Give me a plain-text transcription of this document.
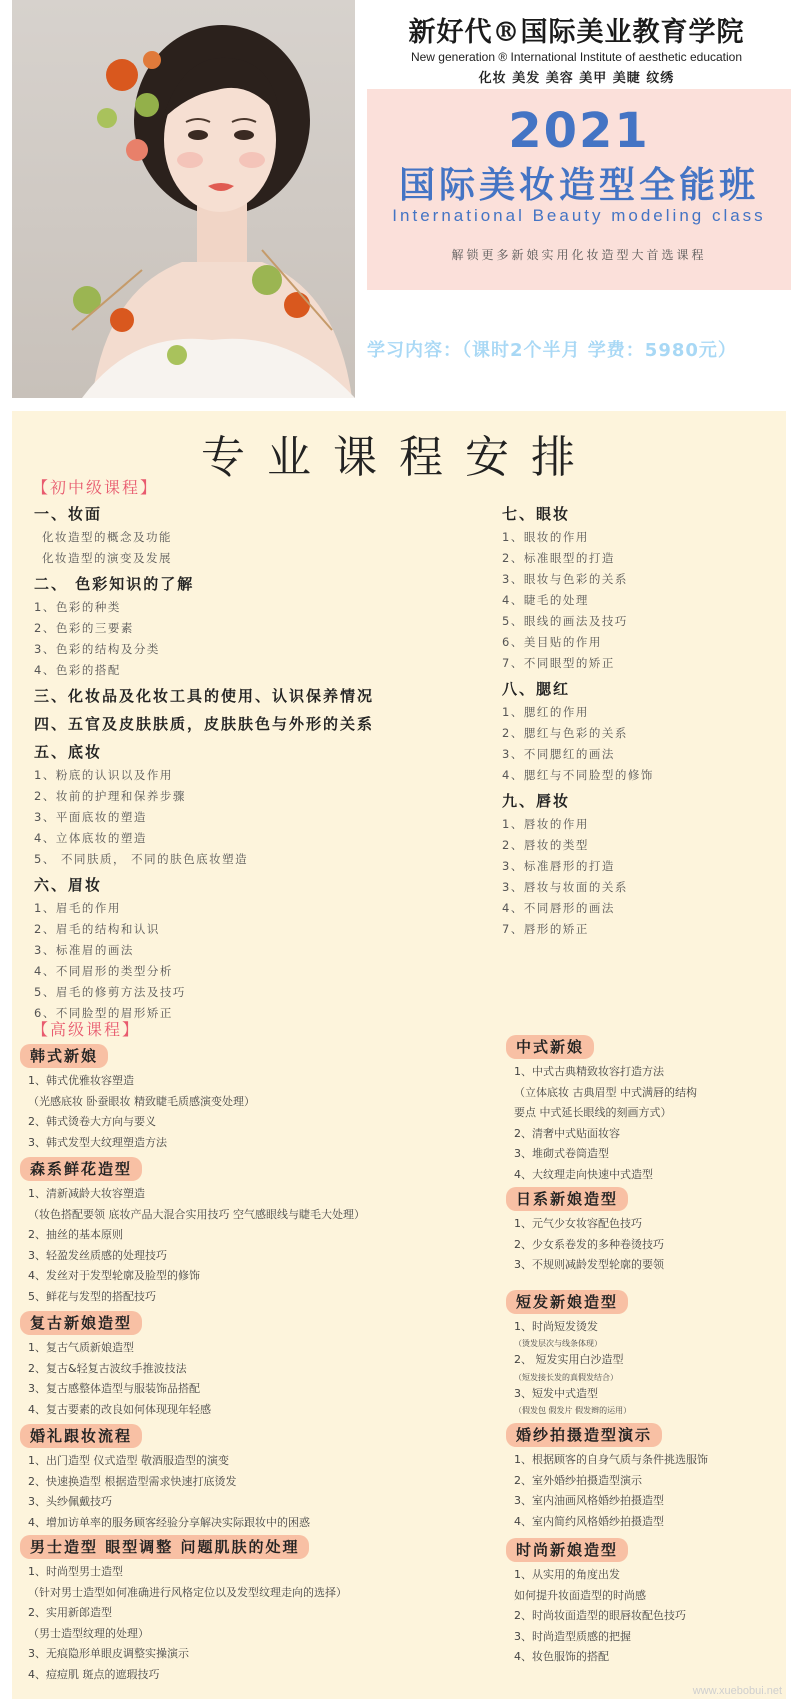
新好代®国际美业教育学院
New generation ® International Institute of aesthetic education
化妆 美发 美容 美甲 美睫 纹绣
2021
国际美妆造型全能班
International Beauty modeling class
解锁更多新娘实用化妆造型大首选课程
学习内容：（课时2个半月 学费：5980元）
专业课程安排
【初中级课程】
一、妆面
化妆造型的概念及功能
化妆造型的演变及发展
二、 色彩知识的了解
1、色彩的种类
2、色彩的三要素
3、色彩的结构及分类
4、色彩的搭配
三、化妆品及化妆工具的使用、认识保养情况
四、五官及皮肤肤质，皮肤肤色与外形的关系
五、底妆
1、粉底的认识以及作用
2、妆前的护理和保养步骤
3、平面底妆的塑造
4、立体底妆的塑造
5、 不同肤质， 不同的肤色底妆塑造
六、眉妆
1、眉毛的作用
2、眉毛的结构和认识
3、标准眉的画法
4、不同眉形的类型分析
5、眉毛的修剪方法及技巧
6、不同脸型的眉形矫正
七、眼妆
1、眼妆的作用
2、标准眼型的打造
3、眼妆与色彩的关系
4、睫毛的处理
5、眼线的画法及技巧
6、美目贴的作用
7、不同眼型的矫正
八、腮红
1、腮红的作用
2、腮红与色彩的关系
3、不同腮红的画法
4、腮红与不同脸型的修饰
九、唇妆
1、唇妆的作用
2、唇妆的类型
3、标准唇形的打造
3、唇妆与妆面的关系
4、不同唇形的画法
7、唇形的矫正
【高级课程】
韩式新娘
1、韩式优雅妆容塑造
（光感底妆 卧蚕眼妆 精致睫毛质感演变处理）
2、韩式烫卷大方向与要义
3、韩式发型大纹理塑造方法
森系鲜花造型
1、清新减龄大妆容塑造
（妆色搭配要领 底妆产品大混合实用技巧 空气感眼线与睫毛大处理）
2、抽丝的基本原则
3、轻盈发丝质感的处理技巧
4、发丝对于发型轮廓及脸型的修饰
5、鲜花与发型的搭配技巧
复古新娘造型
1、复古气质新娘造型
2、复古&轻复古波纹手推波技法
3、复古感整体造型与服装饰品搭配
4、复古要素的改良如何体现现年轻感
婚礼跟妆流程
1、出门造型 仪式造型 敬酒服造型的演变
2、快速换造型 根据造型需求快速打底烫发
3、头纱佩戴技巧
4、增加访单率的服务顾客经验分享解决实际跟妆中的困惑
男士造型 眼型调整 问题肌肤的处理
1、时尚型男士造型
（针对男士造型如何准确进行风格定位以及发型纹理走向的选择）
2、实用新郎造型
（男士造型纹理的处理）
3、无痕隐形单眼皮调整实操演示
4、痘痘肌 斑点的遮瑕技巧
中式新娘
1、中式古典精致妆容打造方法
（立体底妆 古典眉型 中式满唇的结构
要点 中式延长眼线的刻画方式）
2、清奢中式贴面妆容
3、堆砌式卷筒造型
4、大纹理走向快速中式造型
日系新娘造型
1、元气少女妆容配色技巧
2、少女系卷发的多种卷烫技巧
3、不规则减龄发型轮廓的要领
短发新娘造型
1、时尚短发烫发
（烫发层次与线条体现）
2、 短发实用白沙造型
（短发接长发的真假发结合）
3、短发中式造型
（假发包 假发片 假发辫的运用）
婚纱拍摄造型演示
1、根据顾客的自身气质与条件挑选服饰
2、室外婚纱拍摄造型演示
3、室内油画风格婚纱拍摄造型
4、室内简约风格婚纱拍摄造型
时尚新娘造型
1、从实用的角度出发
如何提升妆面造型的时尚感
2、时尚妆面造型的眼唇妆配色技巧
3、时尚造型质感的把握
4、妆色服饰的搭配
www.xuebobui.net
